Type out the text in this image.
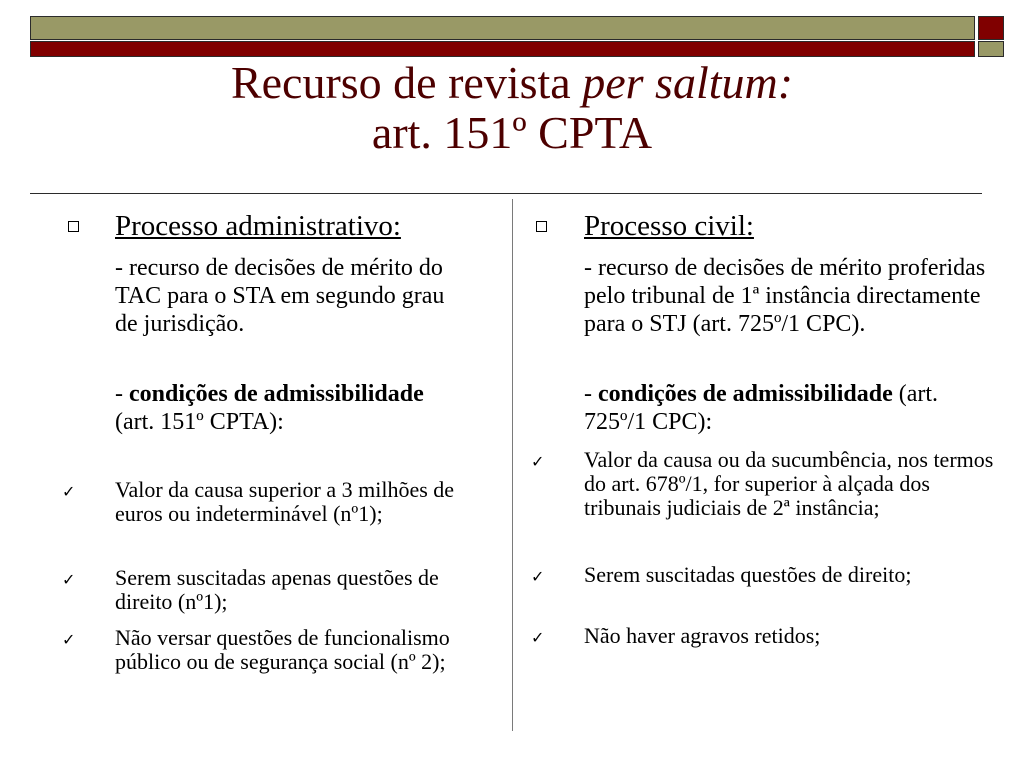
Recurso de revista per saltum:
art. 151º CPTA
Processo administrativo:
- recurso de decisões de mérito do TAC para o STA em segundo grau de jurisdição.
- condições de admissibilidade (art. 151º CPTA):
✓ Valor da causa superior a 3 milhões de euros ou indeterminável (nº1);
✓ Serem suscitadas apenas questões de direito (nº1);
✓ Não versar questões de funcionalismo público ou de segurança social (nº 2);
Processo civil:
- recurso de decisões de mérito proferidas pelo tribunal de 1ª instância directamente para o STJ (art. 725º/1 CPC).
- condições de admissibilidade (art. 725º/1 CPC):
✓ Valor da causa ou da sucumbência, nos termos do art. 678º/1, for superior à alçada dos tribunais judiciais de 2ª instância;
✓ Serem suscitadas questões de direito;
✓ Não haver agravos retidos;
